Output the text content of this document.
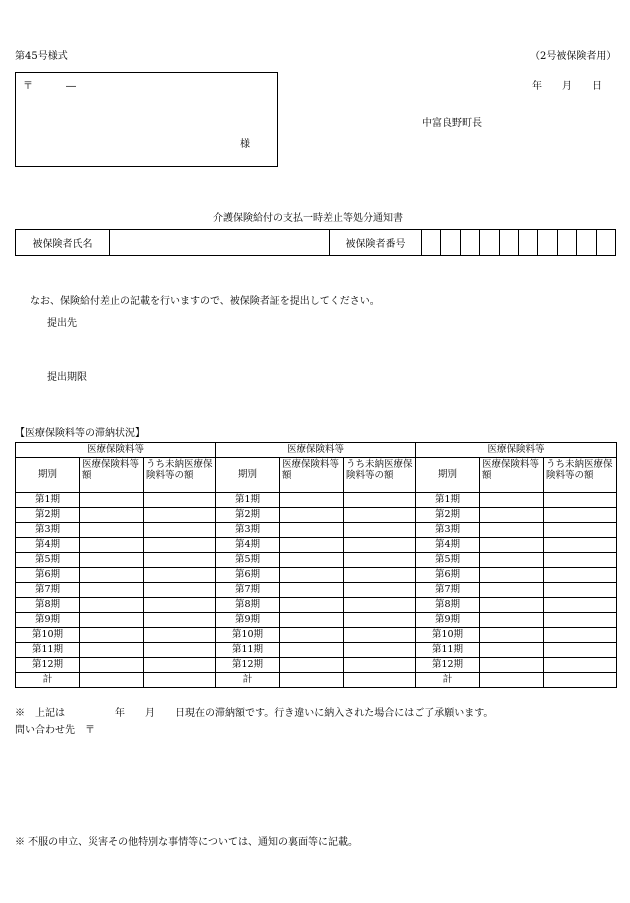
第45号様式	（2号被保険者用）
〒	―
様
年　　月　　日
中富良野町長
介護保険給付の支払一時差止等処分通知書
被保険者氏名		被保険者番号										
なお、保険給付差止の記載を行いますので、被保険者証を提出してください。
提出先
提出期限
【医療保険料等の滞納状況】
医療保険料等			医療保険料等			医療保険料等		
期別	医療保険料等額	うち未納医療保険料等の額	期別	医療保険料等額	うち未納医療保険料等の額	期別	医療保険料等額	うち未納医療保険料等の額
第1期			第1期			第1期		
第2期			第2期			第2期		
第3期			第3期			第3期		
第4期			第4期			第4期		
第5期			第5期			第5期		
第6期			第6期			第6期		
第7期			第7期			第7期		
第8期			第8期			第8期		
第9期			第9期			第9期		
第10期			第10期			第10期		
第11期			第11期			第11期		
第12期			第12期			第12期		
計			計			計		
※　上記は　　　　　年　　月　　日現在の滞納額です。行き違いに納入された場合にはご了承願います。
問い合わせ先　〒
※ 不服の申立、災害その他特別な事情等については、通知の裏面等に記載。
